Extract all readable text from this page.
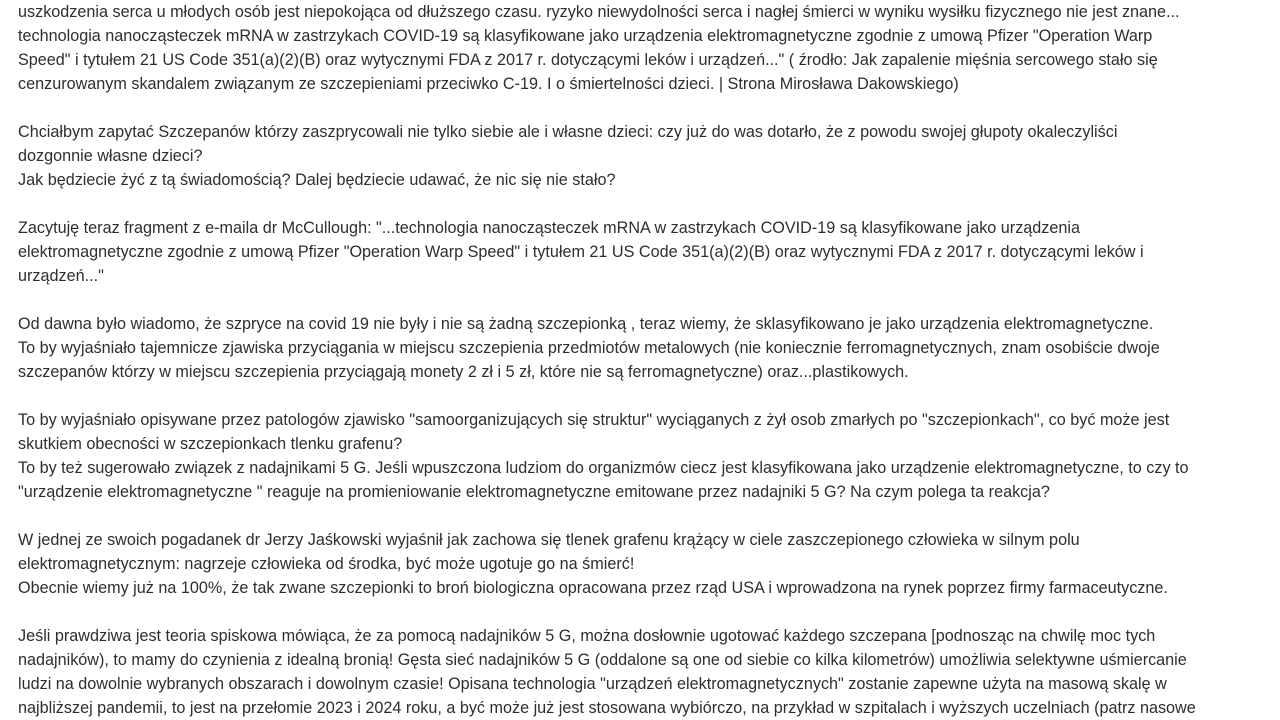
uszkodzenia serca u młodych osób jest niepokojąca od dłuższego czasu. ryzyko niewydolności serca i nagłej śmierci w wyniku wysiłku fizycznego nie jest znane...
technologia nanocząsteczek mRNA w zastrzykach COVID-19 są klasyfikowane jako urządzenia elektromagnetyczne zgodnie z umową Pfizer "Operation Warp
Speed" i tytułem 21 US Code 351(a)(2)(B) oraz wytycznymi FDA z 2017 r. dotyczącymi leków i urządzeń..." ( źrodło: Jak zapalenie mięśnia sercowego stało się
cenzurowanym skandalem związanym ze szczepieniami przeciwko C-19. I o śmiertelności dzieci. | Strona Mirosława Dakowskiego)
Chciałbym zapytać Szczepanów którzy zaszprycowali nie tylko siebie ale i własne dzieci: czy już do was dotarło, że z powodu swojej głupoty okaleczyliści
dozgonnie własne dzieci?
Jak będziecie żyć z tą świadomością? Dalej będziecie udawać, że nic się nie stało?
Zacytuję teraz fragment z e-maila dr McCullough: "...technologia nanocząsteczek mRNA w zastrzykach COVID-19 są klasyfikowane jako urządzenia
elektromagnetyczne zgodnie z umową Pfizer "Operation Warp Speed" i tytułem 21 US Code 351(a)(2)(B) oraz wytycznymi FDA z 2017 r. dotyczącymi leków i
urządzeń..."
Od dawna było wiadomo, że szpryce na covid 19 nie były i nie są żadną szczepionką , teraz wiemy, że sklasyfikowano je jako urządzenia elektromagnetyczne.
To by wyjaśniało tajemnicze zjawiska przyciągania w miejscu szczepienia przedmiotów metalowych (nie koniecznie ferromagnetycznych, znam osobiście dwoje
szczepanów którzy w miejscu szczepienia przyciągają monety 2 zł i 5 zł, które nie są ferromagnetyczne) oraz...plastikowych.
To by wyjaśniało opisywane przez patologów zjawisko "samoorganizujących się struktur" wyciąganych z żył osob zmarłych po "szczepionkach", co być może jest
skutkiem obecności w szczepionkach tlenku grafenu?
To by też sugerowało związek z nadajnikami 5 G. Jeśli wpuszczona ludziom do organizmów ciecz jest klasyfikowana jako urządzenie elektromagnetyczne, to czy to
"urządzenie elektromagnetyczne " reaguje na promieniowanie elektromagnetyczne emitowane przez nadajniki 5 G? Na czym polega ta reakcja?
W jednej ze swoich pogadanek dr Jerzy Jaśkowski wyjaśnił jak zachowa się tlenek grafenu krążący w ciele zaszczepionego człowieka w silnym polu
elektromagnetycznym: nagrzeje człowieka od środka, być może ugotuje go na śmierć!
Obecnie wiemy już na 100%, że tak zwane szczepionki to broń biologiczna opracowana przez rząd USA i wprowadzona na rynek poprzez firmy farmaceutyczne.
Jeśli prawdziwa jest teoria spiskowa mówiąca, że za pomocą nadajników 5 G, można dosłownie ugotować każdego szczepana [podnosząc na chwilę moc tych
nadajników), to mamy do czynienia z idealną bronią! Gęsta sieć nadajników 5 G (oddalone są one od siebie co kilka kilometrów) umożliwia selektywne uśmiercanie
ludzi na dowolnie wybranych obszarach i dowolnym czasie! Opisana technologia "urządzeń elektromagnetycznych" zostanie zapewne użyta na masową skalę w
najbliższej pandemii, to jest na przełomie 2023 i 2024 roku, a być może już jest stosowana wybiórczo, na przykład w szpitalach i wyższych uczelniach (patrz nasowe
